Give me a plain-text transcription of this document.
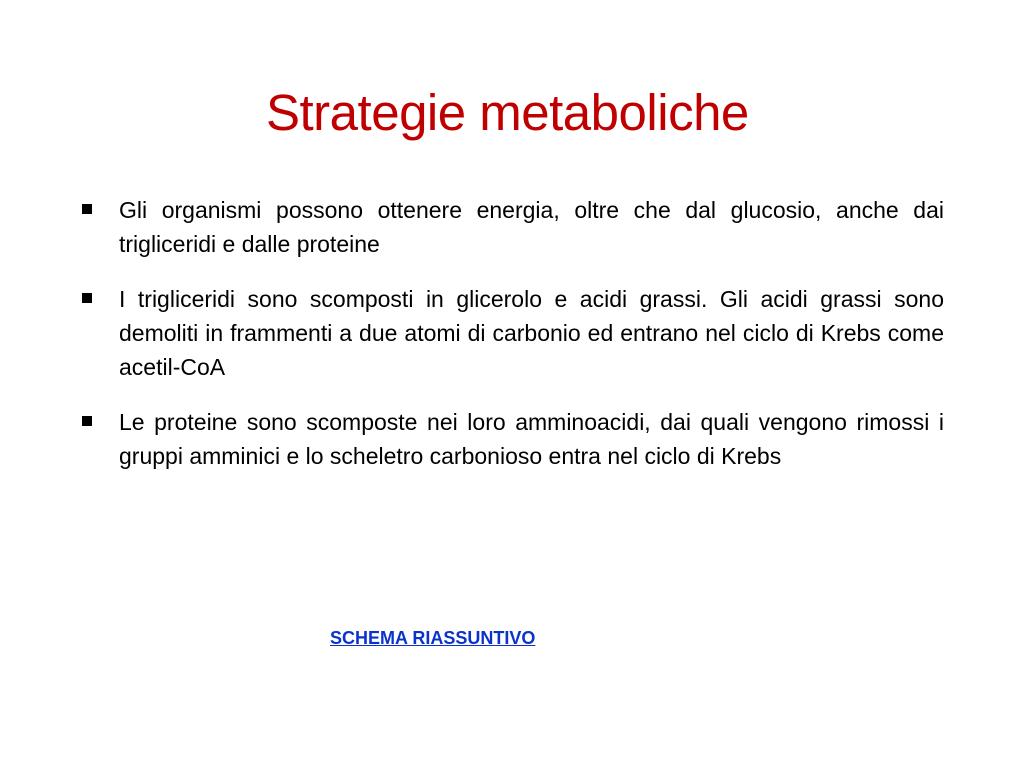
Strategie metaboliche
Gli organismi possono ottenere energia, oltre che dal glucosio, anche dai trigliceridi e dalle proteine
I trigliceridi sono scomposti in glicerolo e acidi grassi. Gli acidi grassi sono demoliti in frammenti a due atomi di carbonio ed entrano nel ciclo di Krebs come acetil-CoA
Le proteine sono scomposte nei loro amminoacidi, dai quali vengono rimossi i gruppi amminici e lo scheletro carbonioso entra nel ciclo di Krebs
SCHEMA RIASSUNTIVO
